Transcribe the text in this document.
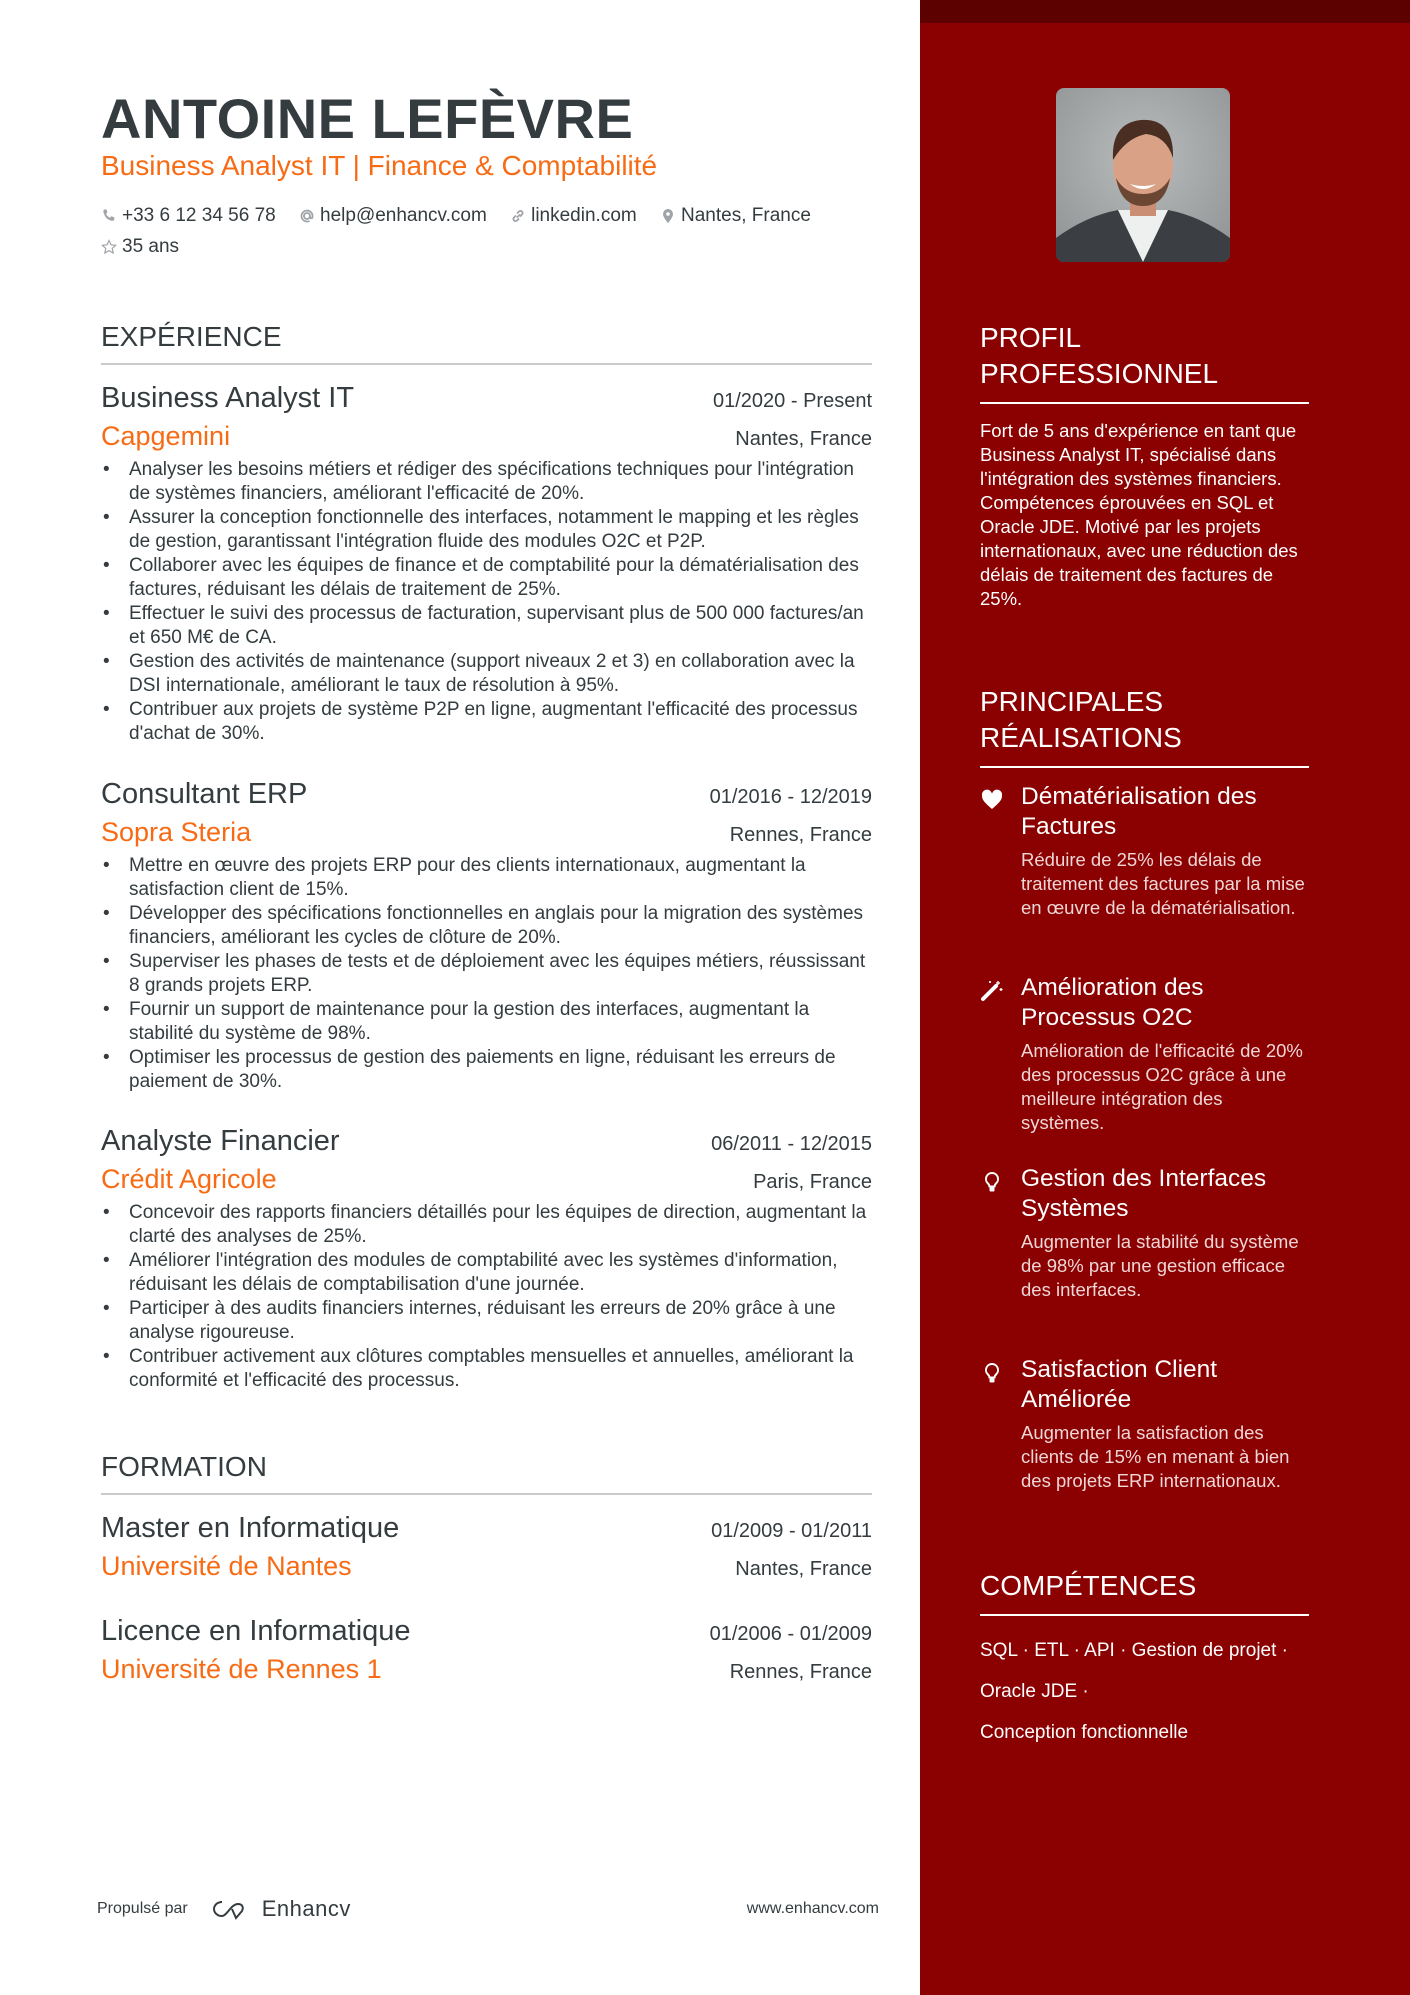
ANTOINE LEFÈVRE
Business Analyst IT | Finance & Comptabilité
+33 6 12 34 56 78
help@enhancv.com
linkedin.com
Nantes, France

35 ans
EXPÉRIENCE
Business Analyst IT	01/2020 - Present
Capgemini	Nantes, France
• Analyser les besoins métiers et rédiger des spécifications techniques pour l'intégration de systèmes financiers, améliorant l'efficacité de 20%.
• Assurer la conception fonctionnelle des interfaces, notamment le mapping et les règles de gestion, garantissant l'intégration fluide des modules O2C et P2P.
• Collaborer avec les équipes de finance et de comptabilité pour la dématérialisation des factures, réduisant les délais de traitement de 25%.
• Effectuer le suivi des processus de facturation, supervisant plus de 500 000 factures/an et 650 M€ de CA.
• Gestion des activités de maintenance (support niveaux 2 et 3) en collaboration avec la DSI internationale, améliorant le taux de résolution à 95%.
• Contribuer aux projets de système P2P en ligne, augmentant l'efficacité des processus d'achat de 30%.
Consultant ERP	01/2016 - 12/2019
Sopra Steria	Rennes, France
• Mettre en œuvre des projets ERP pour des clients internationaux, augmentant la satisfaction client de 15%.
• Développer des spécifications fonctionnelles en anglais pour la migration des systèmes financiers, améliorant les cycles de clôture de 20%.
• Superviser les phases de tests et de déploiement avec les équipes métiers, réussissant 8 grands projets ERP.
• Fournir un support de maintenance pour la gestion des interfaces, augmentant la stabilité du système de 98%.
• Optimiser les processus de gestion des paiements en ligne, réduisant les erreurs de paiement de 30%.
Analyste Financier	06/2011 - 12/2015
Crédit Agricole	Paris, France
• Concevoir des rapports financiers détaillés pour les équipes de direction, augmentant la clarté des analyses de 25%.
• Améliorer l'intégration des modules de comptabilité avec les systèmes d'information, réduisant les délais de comptabilisation d'une journée.
• Participer à des audits financiers internes, réduisant les erreurs de 20% grâce à une analyse rigoureuse.
• Contribuer activement aux clôtures comptables mensuelles et annuelles, améliorant la conformité et l'efficacité des processus.
FORMATION
Master en Informatique	01/2009 - 01/2011
Université de Nantes	Nantes, France
Licence en Informatique	01/2006 - 01/2009
Université de Rennes 1	Rennes, France
Propulsé par	Enhancv	www.enhancv.com
PROFIL PROFESSIONNEL
Fort de 5 ans d'expérience en tant que Business Analyst IT, spécialisé dans l'intégration des systèmes financiers. Compétences éprouvées en SQL et Oracle JDE. Motivé par les projets internationaux, avec une réduction des délais de traitement des factures de 25%.
PRINCIPALES RÉALISATIONS
Dématérialisation des Factures
Réduire de 25% les délais de traitement des factures par la mise en œuvre de la dématérialisation.
Amélioration des Processus O2C
Amélioration de l'efficacité de 20% des processus O2C grâce à une meilleure intégration des systèmes.
Gestion des Interfaces Systèmes
Augmenter la stabilité du système de 98% par une gestion efficace des interfaces.
Satisfaction Client Améliorée
Augmenter la satisfaction des clients de 15% en menant à bien des projets ERP internationaux.
COMPÉTENCES
SQL · ETL · API · Gestion de projet ·
Oracle JDE ·
Conception fonctionnelle
